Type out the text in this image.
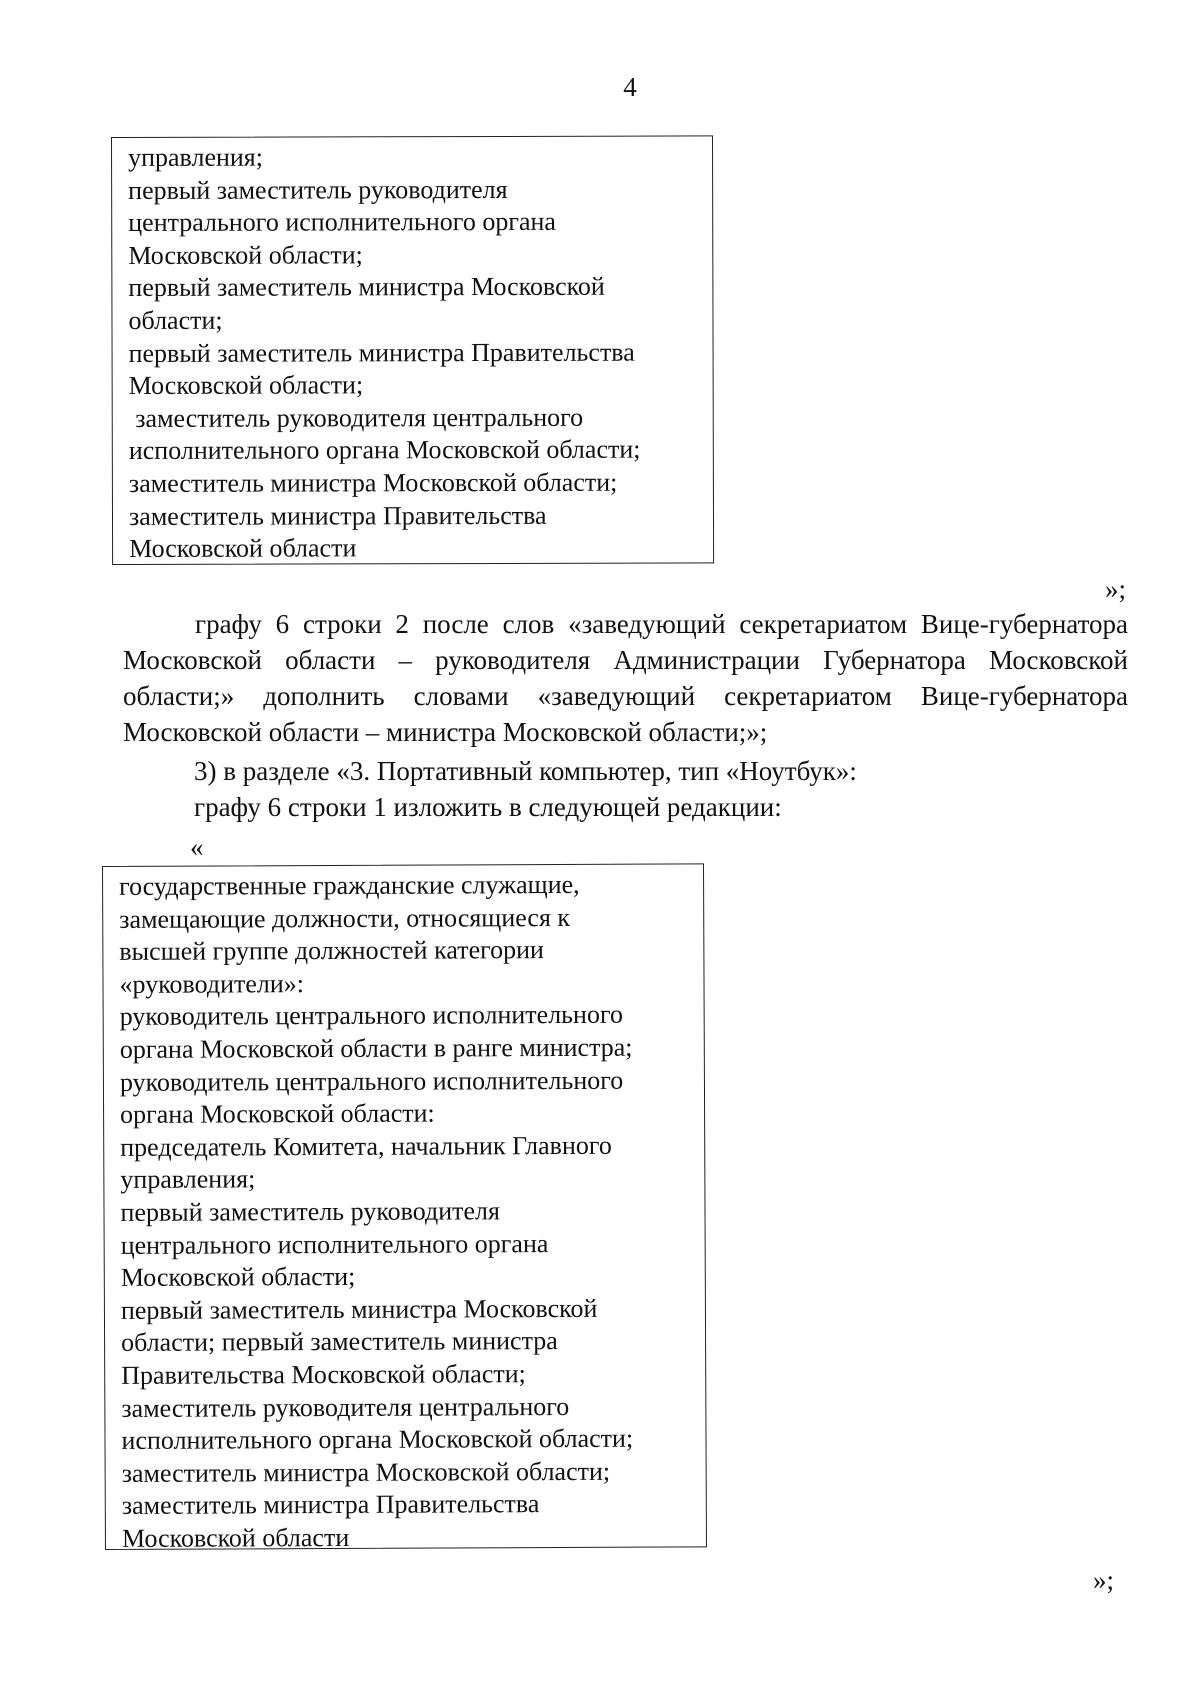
4
управления;
первый заместитель руководителя
центрального исполнительного органа
Московской области;
первый заместитель министра Московской
области;
первый заместитель министра Правительства
Московской области;
заместитель руководителя центрального
исполнительного органа Московской области;
заместитель министра Московской области;
заместитель министра Правительства
Московской области
»;

графу 6 строки 2 после слов «заведующий секретариатом Вице-губернатора Московской области – руководителя Администрации Губернатора Московской области;» дополнить словами «заведующий секретариатом Вице-губернатора Московской области – министра Московской области;»;

3) в разделе «3. Портативный компьютер, тип «Ноутбук»:
графу 6 строки 1 изложить в следующей редакции:
«
государственные гражданские служащие,
замещающие должности, относящиеся к
высшей группе должностей категории
«руководители»:
руководитель центрального исполнительного
органа Московской области в ранге министра;
руководитель центрального исполнительного
органа Московской области:
председатель Комитета, начальник Главного
управления;
первый заместитель руководителя
центрального исполнительного органа
Московской области;
первый заместитель министра Московской
области; первый заместитель министра
Правительства Московской области;
заместитель руководителя центрального
исполнительного органа Московской области;
заместитель министра Московской области;
заместитель министра Правительства
Московской области
»;
